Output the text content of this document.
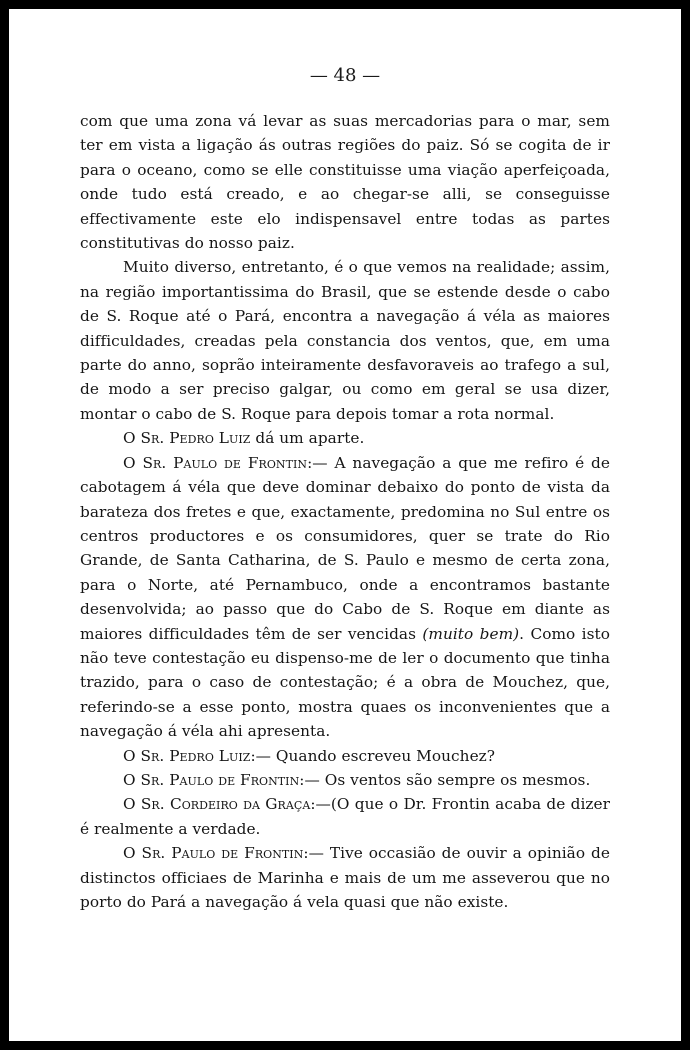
— 48 —

com que uma zona vá levar as suas mercadorias para o mar, sem ter em vista a ligação ás outras regiões do paiz. Só se cogita de ir para o oceano, como se elle constituisse uma viação aperfeiçoada, onde tudo está creado, e ao chegar-se alli, se conseguisse effectivamente este elo indispensavel entre todas as partes constitutivas do nosso paiz.

Muito diverso, entretanto, é o que vemos na realidade; assim, na região importantissima do Brasil, que se estende desde o cabo de S. Roque até o Pará, encontra a navegação á véla as maiores difficuldades, creadas pela constancia dos ventos, que, em uma parte do anno, soprão inteiramente desfavoraveis ao trafego a sul, de modo a ser preciso galgar, ou como em geral se usa dizer, montar o cabo de S. Roque para depois tomar a rota normal.

O Sr. Pedro Luiz dá um aparte.

O Sr. Paulo de Frontin:— A navegação a que me refiro é de cabotagem á véla que deve dominar debaixo do ponto de vista da barateza dos fretes e que, exactamente, predomina no Sul entre os centros productores e os consumidores, quer se trate do Rio Grande, de Santa Catharina, de S. Paulo e mesmo de certa zona, para o Norte, até Pernambuco, onde a encontramos bastante desenvolvida; ao passo que do Cabo de S. Roque em diante as maiores difficuldades têm de ser vencidas (muito bem). Como isto não teve contestação eu dispenso-me de ler o documento que tinha trazido, para o caso de contestação; é a obra de Mouchez, que, referindo-se a esse ponto, mostra quaes os inconvenientes que a navegação á véla ahi apresenta.

O Sr. Pedro Luiz:— Quando escreveu Mouchez?

O Sr. Paulo de Frontin:— Os ventos são sempre os mesmos.

O Sr. Cordeiro da Graça:—(O que o Dr. Frontin acaba de dizer é realmente a verdade.

O Sr. Paulo de Frontin:— Tive occasião de ouvir a opinião de distinctos officiaes de Marinha e mais de um me asseverou que no porto do Pará a navegação á vela quasi que não existe.
